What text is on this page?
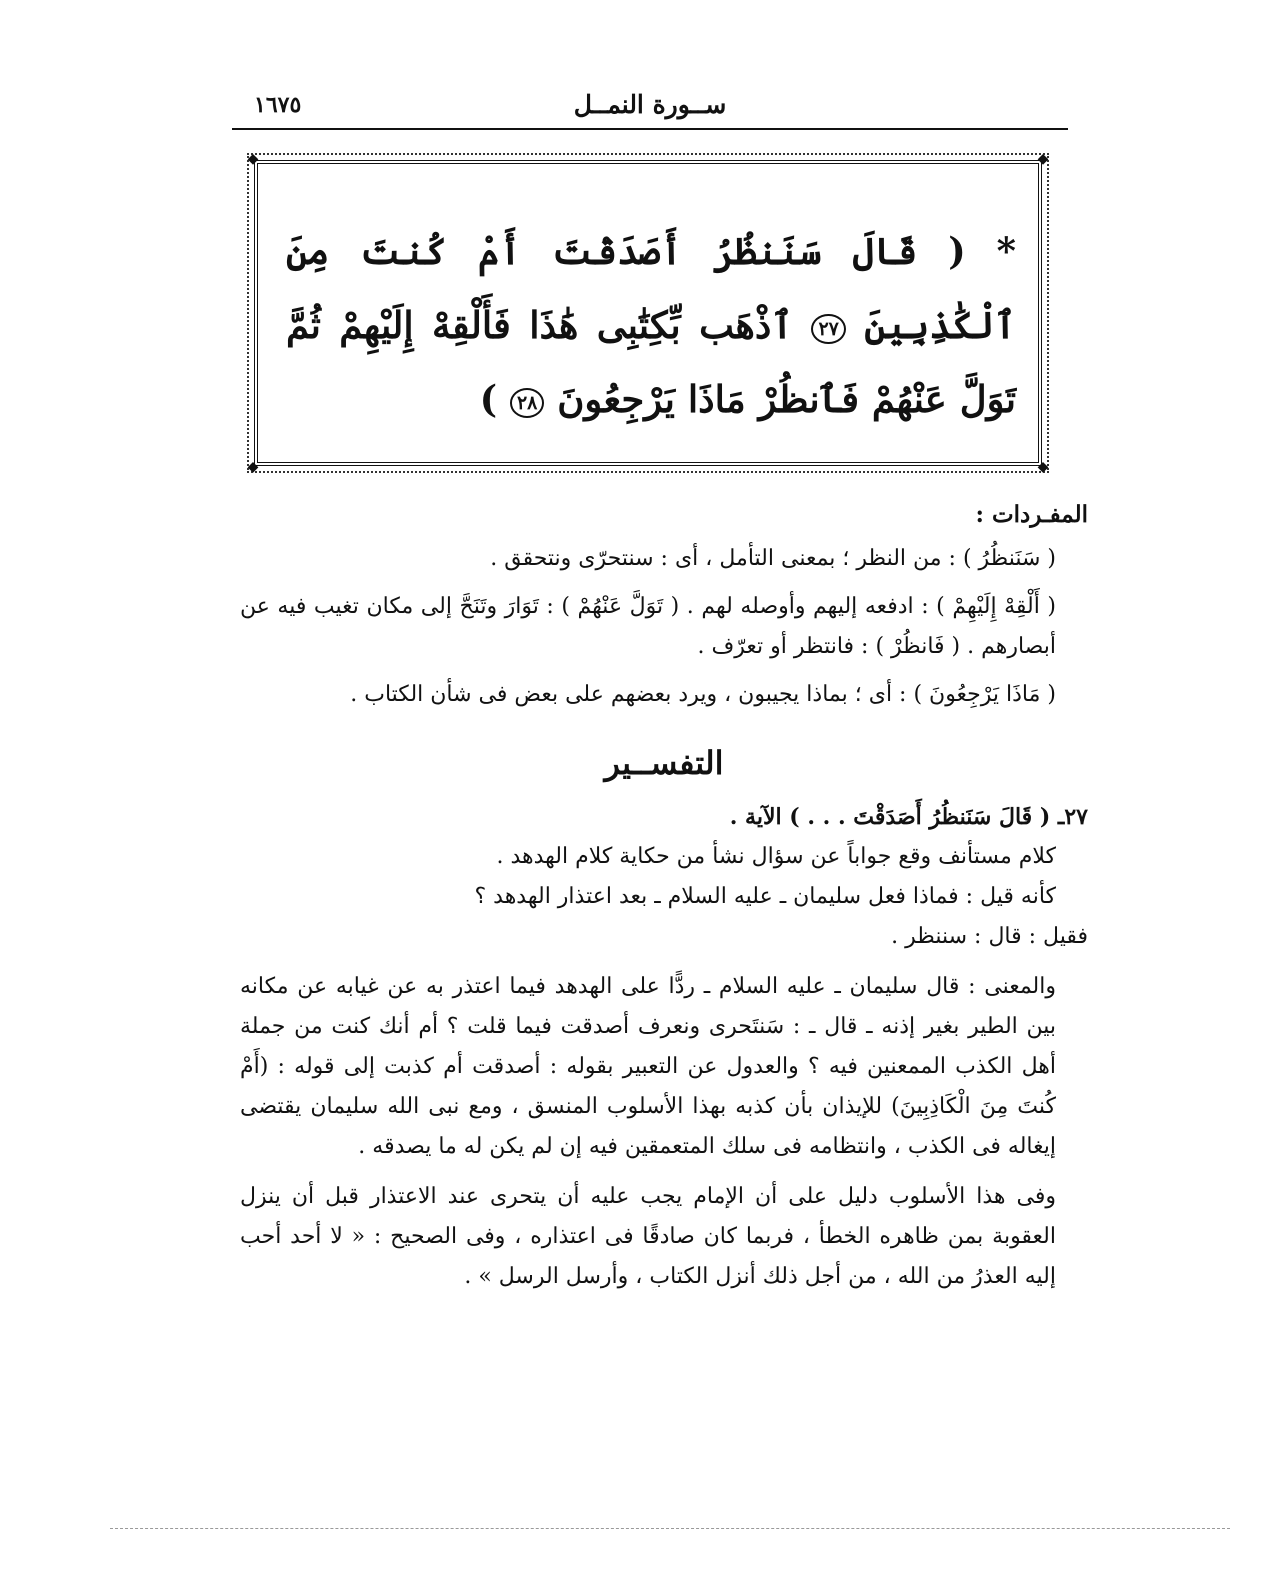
ســورة النمــل
١٦٧٥
◆	◆
◆	◆
* ( قَالَ سَنَنظُرُ أَصَدَقْتَ أَمْ كُنتَ مِنَ ٱلْكَٰذِبِينَ ٢٧ ٱذْهَب بِّكِتَٰبِى هَٰذَا فَأَلْقِهْ إِلَيْهِمْ ثُمَّ تَوَلَّ عَنْهُمْ فَٱنظُرْ مَاذَا يَرْجِعُونَ ٢٨ )
المفـردات :

( سَنَنظُرُ ) : من النظر ؛ بمعنى التأمل ، أى : سنتحرّى ونتحقق .

( أَلْقِهْ إِلَيْهِمْ ) : ادفعه إليهم وأوصله لهم . ( تَوَلَّ عَنْهُمْ ) : تَوَارَ وتَنَحَّ إلى مكان تغيب فيه عن أبصارهم . ( فَانظُرْ ) : فانتظر أو تعرّف .

( مَاذَا يَرْجِعُونَ ) : أى ؛ بماذا يجيبون ، ويرد بعضهم على بعض فى شأن الكتاب .

التفســير

٢٧ـ ( قَالَ سَنَنظُرُ أَصَدَقْتَ . . . ) الآية .

كلام مستأنف وقع جواباً عن سؤال نشأ من حكاية كلام الهدهد .

كأنه قيل : فماذا فعل سليمان ـ عليه السلام ـ بعد اعتذار الهدهد ؟

فقيل : قال : سننظر .

والمعنى : قال سليمان ـ عليه السلام ـ ردًّا على الهدهد فيما اعتذر به عن غيابه عن مكانه بين الطير بغير إذنه ـ قال ـ : سَنتَحرى ونعرف أصدقت فيما قلت ؟ أم أنك كنت من جملة أهل الكذب الممعنين فيه ؟ والعدول عن التعبير بقوله : أصدقت أم كذبت إلى قوله : (أَمْ كُنتَ مِنَ الْكَاذِبِينَ) للإيذان بأن كذبه بهذا الأسلوب المنسق ، ومع نبى الله سليمان يقتضى إيغاله فى الكذب ، وانتظامه فى سلك المتعمقين فيه إن لم يكن له ما يصدقه .

وفى هذا الأسلوب دليل على أن الإمام يجب عليه أن يتحرى عند الاعتذار قبل أن ينزل العقوبة بمن ظاهره الخطأ ، فربما كان صادقًا فى اعتذاره ، وفى الصحيح : « لا أحد أحب إليه العذرُ من الله ، من أجل ذلك أنزل الكتاب ، وأرسل الرسل » .
